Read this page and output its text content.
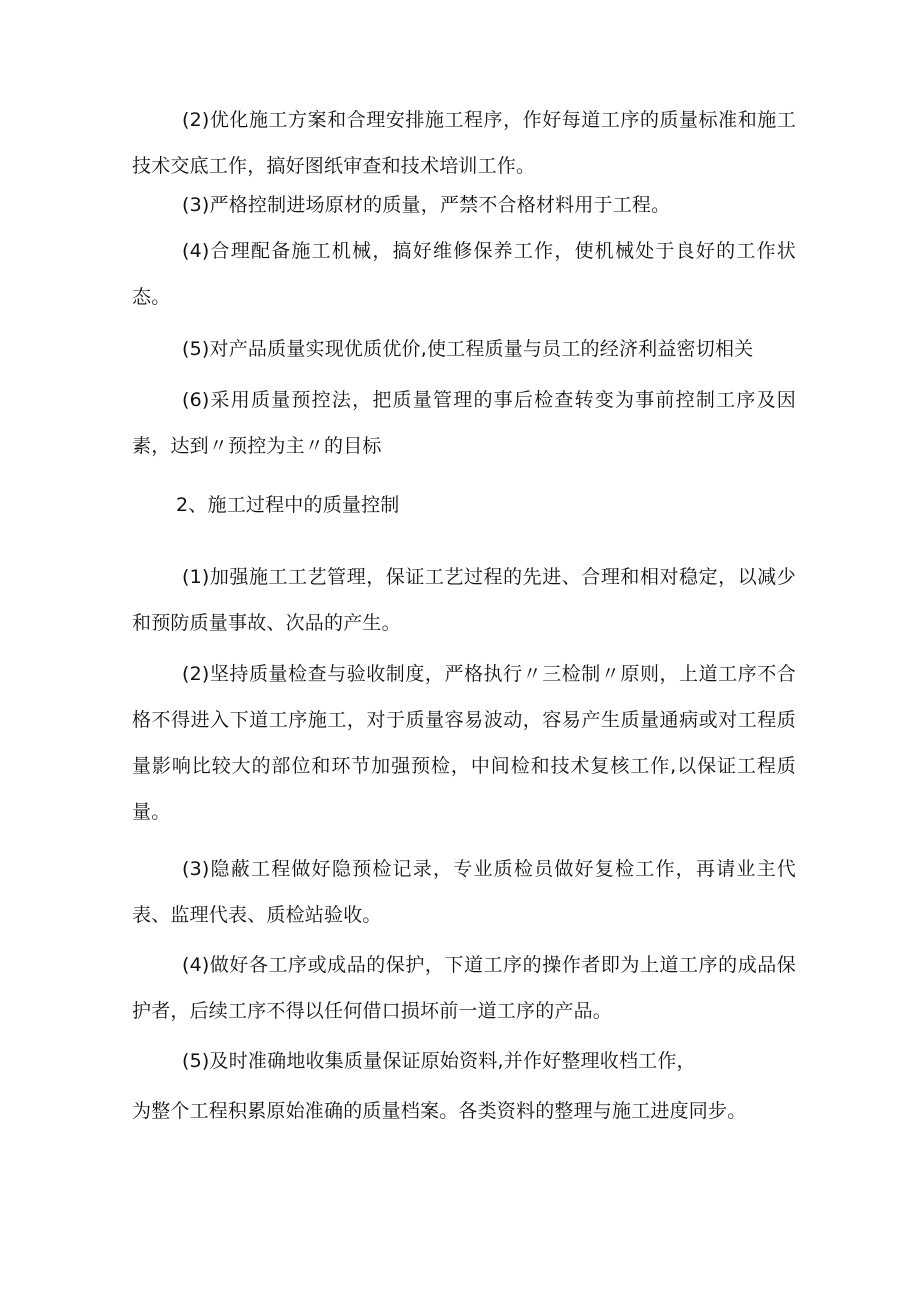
(2)优化施工方案和合理安排施工程序，作好每道工序的质量标准和施工技术交底工作，搞好图纸审查和技术培训工作。

(3)严格控制进场原材的质量，严禁不合格材料用于工程。

(4)合理配备施工机械，搞好维修保养工作，使机械处于良好的工作状态。

(5)对产品质量实现优质优价,使工程质量与员工的经济利益密切相关

(6)采用质量预控法，把质量管理的事后检查转变为事前控制工序及因素，达到〃预控为主〃的目标

2、施工过程中的质量控制

(1)加强施工工艺管理，保证工艺过程的先进、合理和相对稳定，以减少和预防质量事故、次品的产生。

(2)坚持质量检查与验收制度，严格执行〃三检制〃原则，上道工序不合格不得进入下道工序施工，对于质量容易波动，容易产生质量通病或对工程质量影响比较大的部位和环节加强预检，中间检和技术复核工作,以保证工程质量。

(3)隐蔽工程做好隐预检记录，专业质检员做好复检工作，再请业主代表、监理代表、质检站验收。

(4)做好各工序或成品的保护，下道工序的操作者即为上道工序的成品保护者，后续工序不得以任何借口损坏前一道工序的产品。

(5)及时准确地收集质量保证原始资料,并作好整理收档工作，

为整个工程积累原始准确的质量档案。各类资料的整理与施工进度同步。
